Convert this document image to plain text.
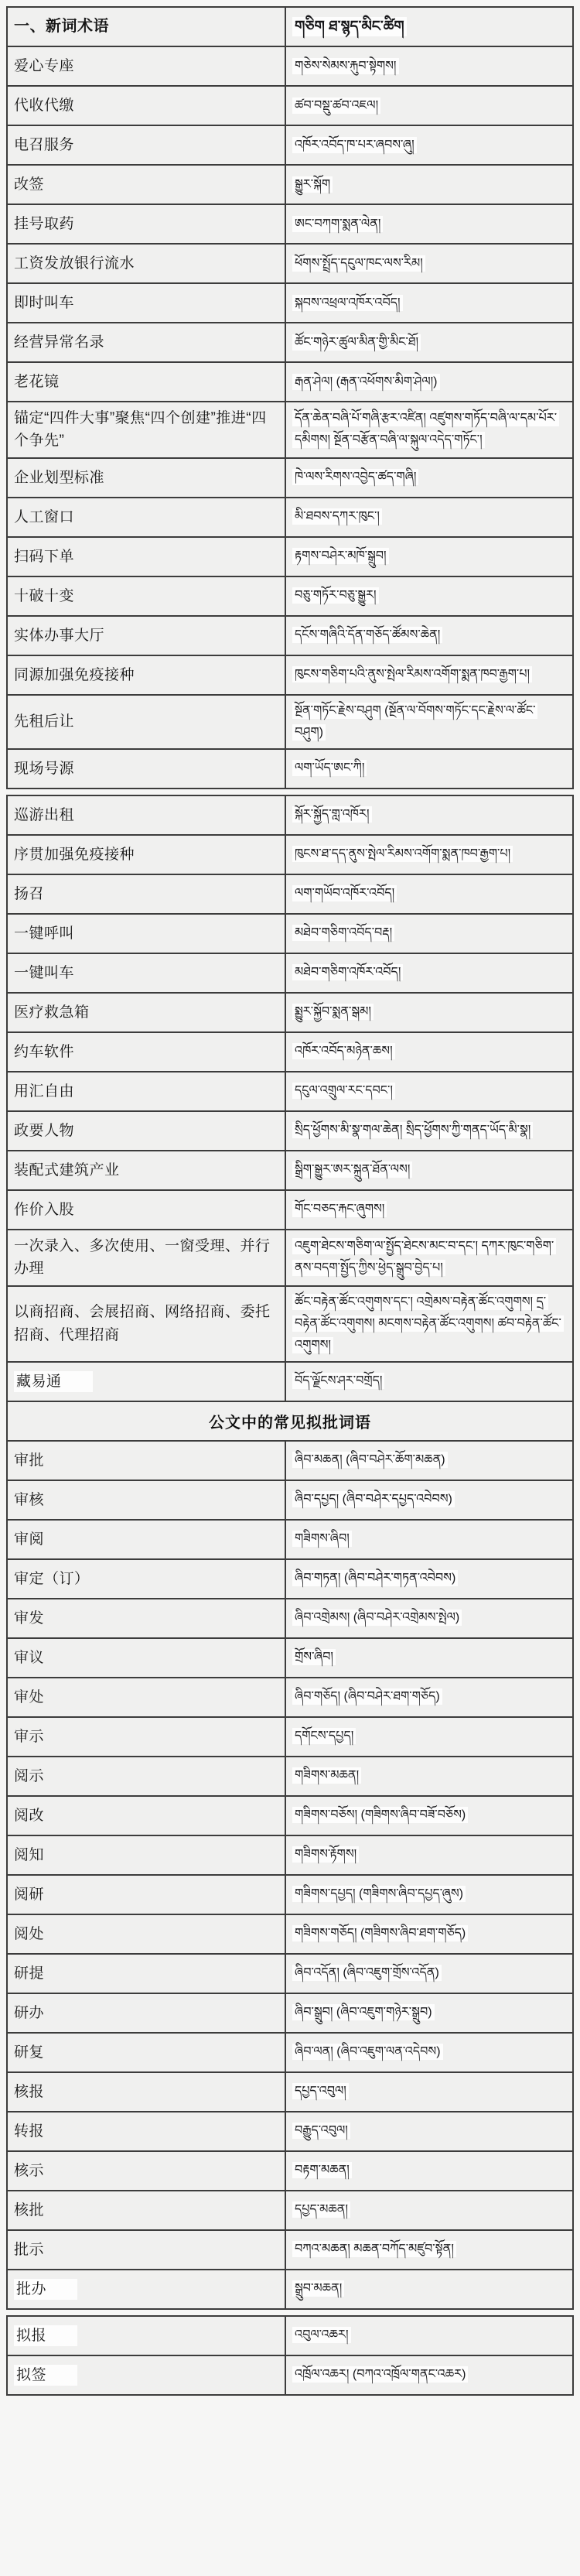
一、新词术语	གཅིག ཐ་སྙད་མིང་ཚིག
爱心专座	གཅེས་སེམས་རྐུབ་སྟེགས།
代收代缴	ཚབ་བསྡུ་ཚབ་འཇལ།
电召服务	འཁོར་འབོད་ཁ་པར་ཞབས་ཞུ།
改签	སྒྱུར་སྐོག
挂号取药	ཨང་བཀག་སྨན་ལེན།
工资发放银行流水	ཕོགས་སྤྲོད་དངུལ་ཁང་ལས་རིམ།
即时叫车	སྐབས་འཕྲལ་འཁོར་འབོད།
经营异常名录	ཚོང་གཉེར་ཚུལ་མིན་གྱི་མིང་ཐོ།
老花镜	རྒན་ཤེལ། (རྒན་འཕོགས་མིག་ཤེལ།)
锚定“四件大事”聚焦“四个创建”推进“四个争先”	དོན་ཆེན་བཞི་པོ་གཞི་རྩར་འཛིན། འཛུགས་གཏོད་བཞི་ལ་དམ་པོར་དམིགས། སྔོན་བརྩོན་བཞི་ལ་སྐུལ་འདེད་གཏོང་།
企业划型标准	ཁེ་ལས་རིགས་འབྱེད་ཚད་གཞི།
人工窗口	མི་ཐབས་དཀར་ཁུང་།
扫码下单	རྟགས་བཤེར་མཁོ་སྒྲུབ།
十破十变	བཅུ་གཏོར་བཅུ་སྒྱུར།
实体办事大厅	དངོས་གཞིའི་དོན་གཅོད་ཚོམས་ཆེན།
同源加强免疫接种	ཁུངས་གཅིག་པའི་ནུས་སྤེལ་རིམས་འགོག་སྨན་ཁབ་རྒྱག་པ།
先租后让	སྔོན་གཏོང་རྗེས་བཤུག (སྔོན་ལ་བོགས་གཏོང་དང་རྗེས་ལ་ཚོང་བཤུག)
现场号源	ལག་ཡོད་ཨང་ཀི།
巡游出租	སྐོར་སྐྱོད་གླ་འཁོར།
序贯加强免疫接种	ཁུངས་ཐ་དད་ནུས་སྤེལ་རིམས་འགོག་སྨན་ཁབ་རྒྱག་པ།
扬召	ལག་གཡོབ་འཁོར་འབོད།
一键呼叫	མཐེབ་གཅིག་འབོད་བརྡ།
一键叫车	མཐེབ་གཅིག་འཁོར་འབོད།
医疗救急箱	སྨྱུར་སྐྱོབ་སྨན་སྒམ།
约车软件	འཁོར་འབོད་མཉེན་ཆས།
用汇自由	དངུལ་འགྲུལ་རང་དབང་།
政要人物	སྲིད་ཕྱོགས་མི་སྣ་གལ་ཆེན། སྲིད་ཕྱོགས་ཀྱི་གནད་ཡོད་མི་སྣ།
装配式建筑产业	སྒྲིག་སྒྱུར་ཨར་སྐྲུན་ཐོན་ལས།
作价入股	གོང་བཅད་རྐང་ཞུགས།
一次录入、多次使用、一窗受理、并行办理	འཇུག་ཐེངས་གཅིག་ལ་སྤྱོད་ཐེངས་མང་བ་དང་། དཀར་ཁུང་གཅིག་ནས་བདག་སྤྱོད་ཀྱིས་ཕྱེད་སྒྲུབ་བྱེད་པ།
以商招商、会展招商、网络招商、委托招商、代理招商	ཚོང་བརྟེན་ཚོང་འགུགས་དང་། འགྲེམས་བརྟེན་ཚོང་འགུགས། དྲ་བརྟེན་ཚོང་འགུགས། མངགས་བརྟེན་ཚོང་འགུགས། ཚབ་བརྟེན་ཚོང་འགུགས།
藏易通	བོད་ལྗོངས་ཤར་བགྲོད།
公文中的常见拟批词语	
审批	ཞིབ་མཆན། (ཞིབ་བཤེར་ཆོག་མཆན)
审核	ཞིབ་དཔྱད། (ཞིབ་བཤེར་དཔྱད་འབེབས)
审阅	གཟིགས་ཞིབ།
审定（订）	ཞིབ་གཏན། (ཞིབ་བཤེར་གཏན་འབེབས)
审发	ཞིབ་འགྲེམས། (ཞིབ་བཤེར་འགྲེམས་སྤེལ)
审议	གྲོས་ཞིབ།
审处	ཞིབ་གཅོད། (ཞིབ་བཤེར་ཐག་གཅོད)
审示	དགོངས་དཔྱད།
阅示	གཟིགས་མཆན།
阅改	གཟིགས་བཅོས། (གཟིགས་ཞིབ་བཟོ་བཅོས)
阅知	གཟིགས་རྟོགས།
阅研	གཟིགས་དཔྱད། (གཟིགས་ཞིབ་དཔྱད་ཞུས)
阅处	གཟིགས་གཅོད། (གཟིགས་ཞིབ་ཐག་གཅོད)
研提	ཞིབ་འདོན། (ཞིབ་འཇུག་གྲོས་འདོན)
研办	ཞིབ་སྒྲུབ། (ཞིབ་འཇུག་གཉེར་སྒྲུབ)
研复	ཞིབ་ལན། (ཞིབ་འཇུག་ལན་འདེབས)
核报	དཔྱད་འབུལ།
转报	བརྒྱུད་འབུལ།
核示	བརྟག་མཆན།
核批	དཔྱད་མཆན།
批示	བཀའ་མཆན། མཆན་བཀོད་མཛུབ་སྟོན།
批办	སྒྲུབ་མཆན།
拟报	འབུལ་འཆར།
拟签	འཁྲོལ་འཆར། (བཀའ་འཁྲོལ་གནང་འཆར)
